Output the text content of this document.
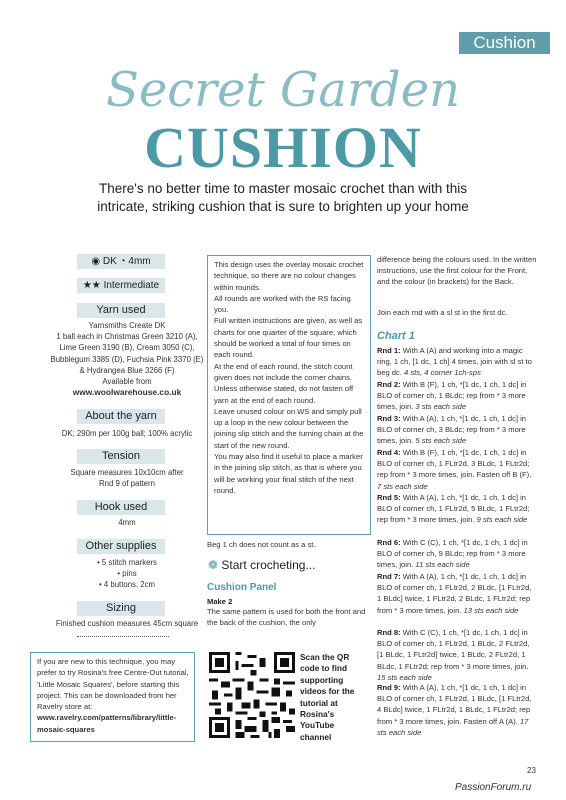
Cushion
Secret Garden
CUSHION
There's no better time to master mosaic crochet than with this intricate, striking cushion that is sure to brighten up your home
◉ DK ◔ 4mm
★★ Intermediate
Yarn used
Yarnsmiths Create DK
1 ball each in Christmas Green 3210 (A),
Lime Green 3190 (B), Cream 3050 (C),
Bubblegum 3385 (D), Fuchsia Pink 3370 (E)
& Hydrangea Blue 3266 (F)
Available from
www.woolwarehouse.co.uk
About the yarn
DK; 290m per 100g ball; 100% acrylic
Tension
Square measures 10x10cm after
Rnd 9 of pattern
Hook used
4mm
Other supplies
• 5 stitch markers
• pins
• 4 buttons, 2cm
Sizing
Finished cushion measures 45cm square
If you are new to this technique, you may prefer to try Rosina's free Centre-Out tutorial, 'Little Mosaic Squares', before starting this project. This can be downloaded from her Ravelry store at:
www.ravelry.com/patterns/library/little-mosaic-squares
This design uses the overlay mosaic crochet technique, so there are no colour changes within rounds.
All rounds are worked with the RS facing you.
Full written instructions are given, as well as charts for one quarter of the square, which should be worked a total of four times on each round.
At the end of each round, the stitch count given does not include the corner chains.
Unless otherwise stated, do not fasten off yarn at the end of each round.
Leave unused colour on WS and simply pull up a loop in the new colour between the joining slip stitch and the turning chain at the start of the new round.
You may also find it useful to place a marker in the joining slip stitch, as that is where you will be working your final stitch of the next round.
Beg 1 ch does not count as a st.
❁ Start crocheting...
Cushion Panel
Make 2
The same pattern is used for both the front and the back of the cushion, the only
Scan the QR code to find supporting videos for the tutorial at Rosina's YouTube channel
difference being the colours used. In the written instructions, use the first colour for the Front, and the colour (in brackets) for the Back.
Join each rnd with a sl st in the first dc.
Chart 1
Rnd 1: With A (A) and working into a magic ring, 1 ch, [1 dc, 1 ch] 4 times, join with sl st to beg dc. 4 sts, 4 corner 1ch-sps
Rnd 2: With B (F), 1 ch, *[1 dc, 1 ch, 1 dc] in BLO of corner ch, 1 BLdc; rep from * 3 more times, join. 3 sts each side
Rnd 3: With A (A), 1 ch, *[1 dc, 1 ch, 1 dc] in BLO of corner ch, 3 BLdc; rep from * 3 more times, join. 5 sts each side
Rnd 4: With B (F), 1 ch, *[1 dc, 1 ch, 1 dc] in BLO of corner ch, 1 FLtr2d, 3 BLdc, 1 FLtr2d; rep from * 3 more times, join. Fasten off B (F). 7 sts each side
Rnd 5: With A (A), 1 ch, *[1 dc, 1 ch, 1 dc] in BLO of corner ch, 1 FLtr2d, 5 BLdc, 1 FLtr2d; rep from * 3 more times, join. 9 sts each side
Rnd 6: With C (C), 1 ch, *[1 dc, 1 ch, 1 dc] in BLO of corner ch, 9 BLdc; rep from * 3 more times, join. 11 sts each side
Rnd 7: With A (A), 1 ch, *[1 dc, 1 ch, 1 dc] in BLO of corner ch, 1 FLtr2d, 2 BLdc, [1 FLtr2d, 1 BLdc] twice, 1 FLtr2d, 2 BLdc, 1 FLtr2d; rep from * 3 more times, join. 13 sts each side
Rnd 8: With C (C), 1 ch, *[1 dc, 1 ch, 1 dc] in BLO of corner ch, 1 FLtr2d, 1 BLdc, 2 FLtr2d, [1 BLdc, 1 FLtr2d] twice, 1 BLdc, 2 FLtr2d, 1 BLdc, 1 FLtr2d; rep from * 3 more times, join. 15 sts each side
Rnd 9: With A (A), 1 ch, *[1 dc, 1 ch, 1 dc] in BLO of corner ch, 1 FLtr2d, 1 BLdc, [1 FLtr2d, 4 BLdc] twice, 1 FLtr2d, 1 BLdc, 1 FLtr2d; rep from * 3 more times, join. Fasten off A (A). 17 sts each side
23
PassionForum.ru
